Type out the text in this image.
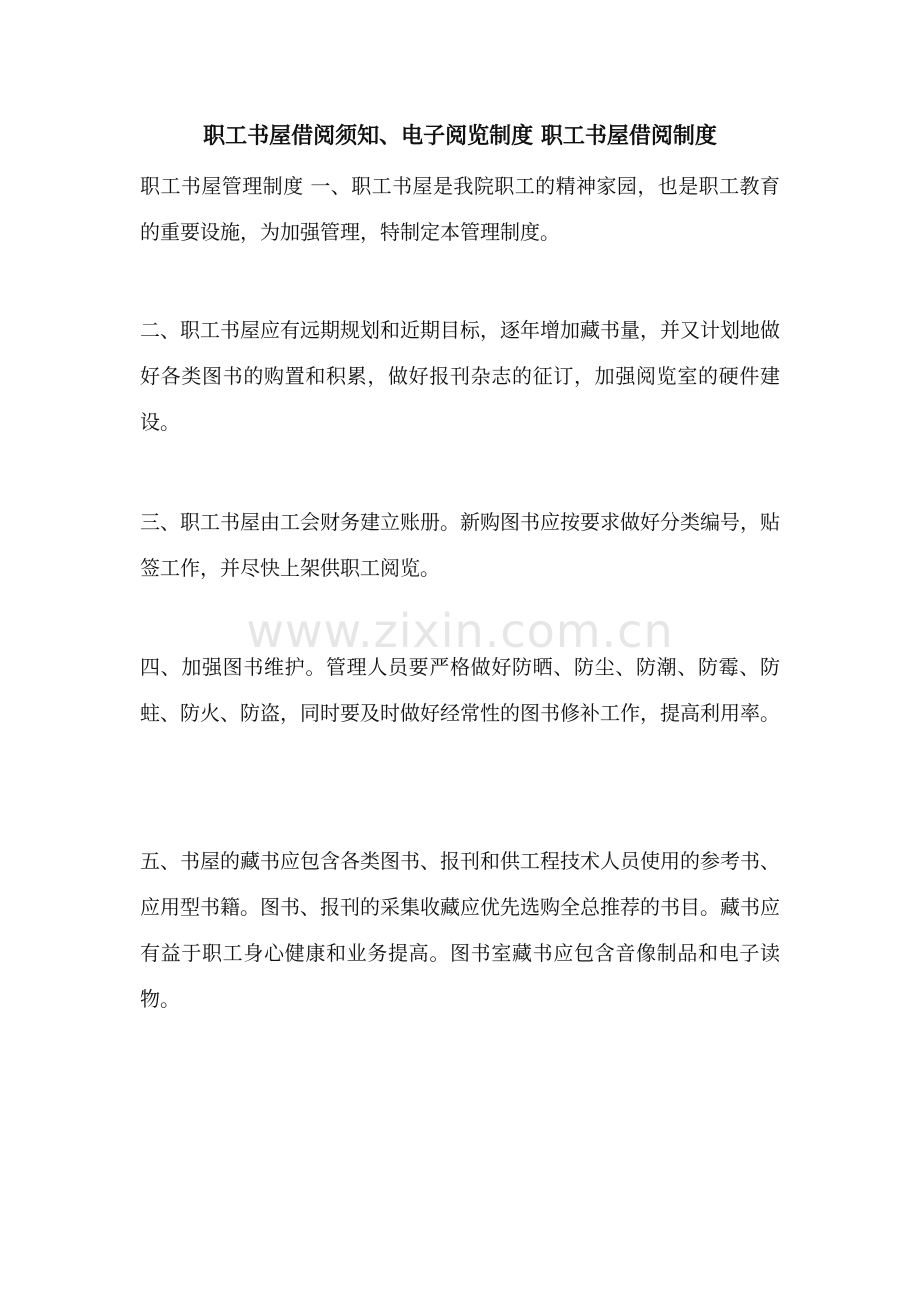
职工书屋借阅须知、电子阅览制度 职工书屋借阅制度
职工书屋管理制度 一、职工书屋是我院职工的精神家园，也是职工教育的重要设施，为加强管理，特制定本管理制度。
二、职工书屋应有远期规划和近期目标，逐年增加藏书量，并又计划地做好各类图书的购置和积累，做好报刊杂志的征订，加强阅览室的硬件建设。
三、职工书屋由工会财务建立账册。新购图书应按要求做好分类编号，贴签工作，并尽快上架供职工阅览。
四、加强图书维护。管理人员要严格做好防晒、防尘、防潮、防霉、防蛀、防火、防盗，同时要及时做好经常性的图书修补工作，提高利用率。
五、书屋的藏书应包含各类图书、报刊和供工程技术人员使用的参考书、应用型书籍。图书、报刊的采集收藏应优先选购全总推荐的书目。藏书应有益于职工身心健康和业务提高。图书室藏书应包含音像制品和电子读物。
www.zixin.com.cn
